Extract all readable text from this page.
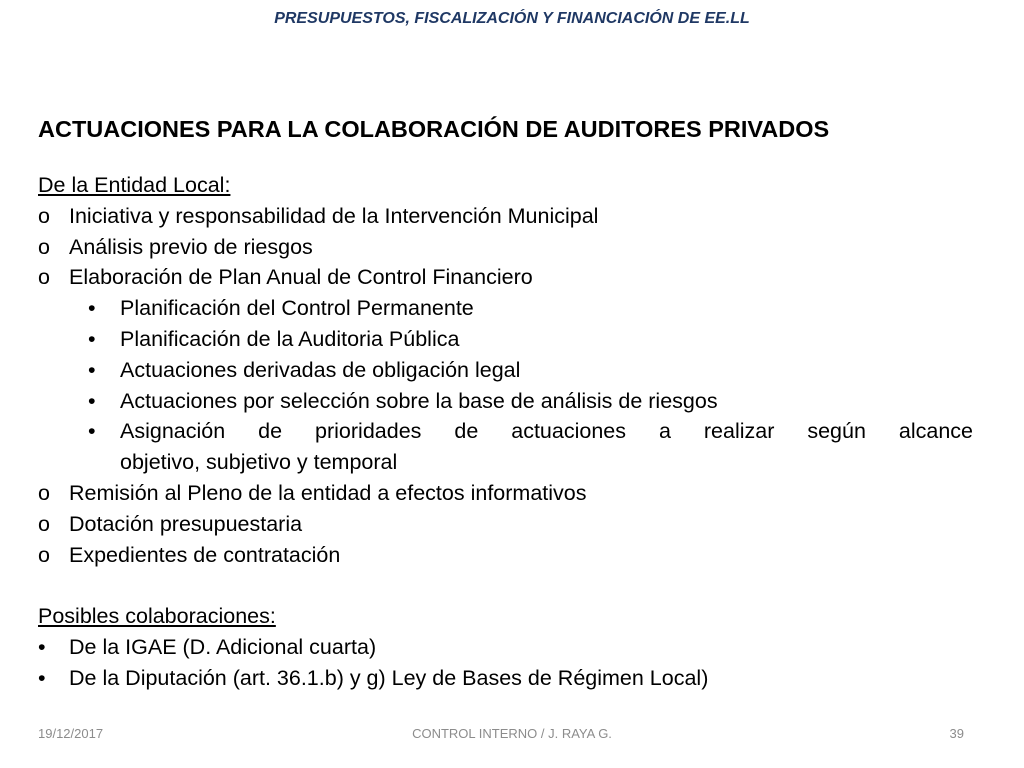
PRESUPUESTOS, FISCALIZACIÓN Y FINANCIACIÓN DE EE.LL
ACTUACIONES PARA LA COLABORACIÓN DE AUDITORES PRIVADOS
De la Entidad Local:
o Iniciativa y responsabilidad de la Intervención Municipal
o Análisis previo de riesgos
o Elaboración de Plan Anual de Control Financiero
• Planificación del Control Permanente
• Planificación de la Auditoria Pública
• Actuaciones derivadas de obligación legal
• Actuaciones por selección sobre la base de análisis de riesgos
• Asignación de prioridades de actuaciones a realizar según alcance
objetivo, subjetivo y temporal
o Remisión al Pleno de la entidad a efectos informativos
o Dotación presupuestaria
o Expedientes de contratación
Posibles colaboraciones:
• De la IGAE (D. Adicional cuarta)
• De la Diputación (art. 36.1.b) y g) Ley de Bases de Régimen Local)
19/12/2017	CONTROL INTERNO / J. RAYA G.	39
